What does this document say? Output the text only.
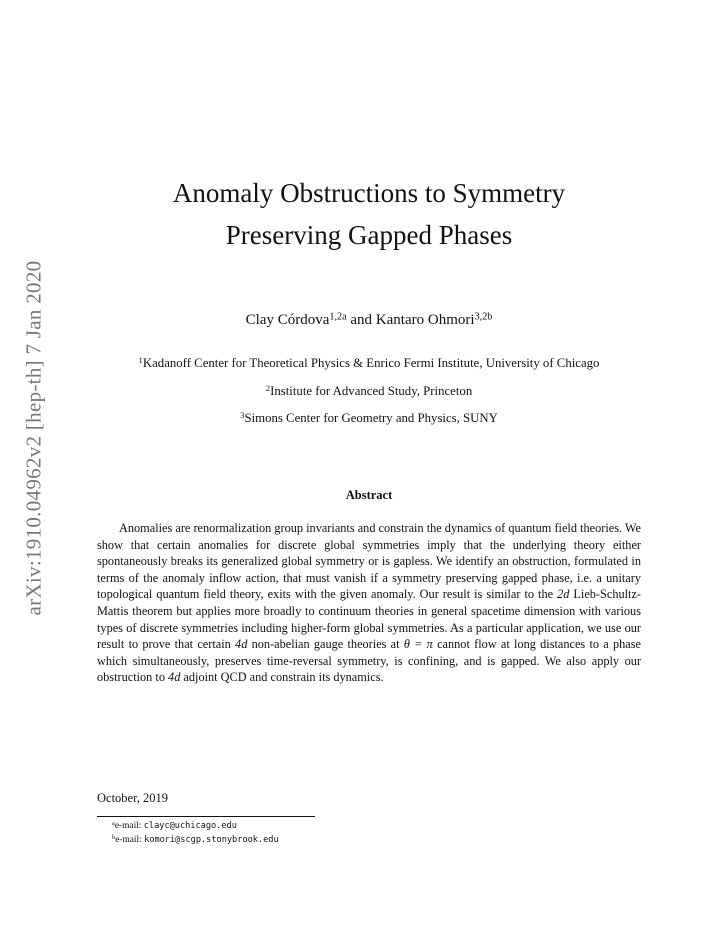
arXiv:1910.04962v2 [hep-th] 7 Jan 2020
Anomaly Obstructions to Symmetry
Preserving Gapped Phases
Clay Córdova$^{1,2a}$ and Kantaro Ohmori$^{3,2b}$
$^1$Kadanoff Center for Theoretical Physics & Enrico Fermi Institute, University of Chicago
$^2$Institute for Advanced Study, Princeton
$^3$Simons Center for Geometry and Physics, SUNY
Abstract

Anomalies are renormalization group invariants and constrain the dynamics of quantum field theories. We show that certain anomalies for discrete global symmetries imply that the underlying theory either spontaneously breaks its generalized global symmetry or is gapless. We identify an obstruction, formulated in terms of the anomaly inflow action, that must vanish if a symmetry preserving gapped phase, i.e. a unitary topological quantum field theory, exits with the given anomaly. Our result is similar to the 2d Lieb-Schultz-Mattis theorem but applies more broadly to continuum theories in general spacetime dimension with various types of discrete symmetries including higher-form global symmetries. As a particular application, we use our result to prove that certain 4d non-abelian gauge theories at θ = π cannot flow at long distances to a phase which simultaneously, preserves time-reversal symmetry, is confining, and is gapped. We also apply our obstruction to 4d adjoint QCD and constrain its dynamics.

October, 2019
$^a$e-mail: clayc@uchicago.edu
$^b$e-mail: komori@scgp.stonybrook.edu
